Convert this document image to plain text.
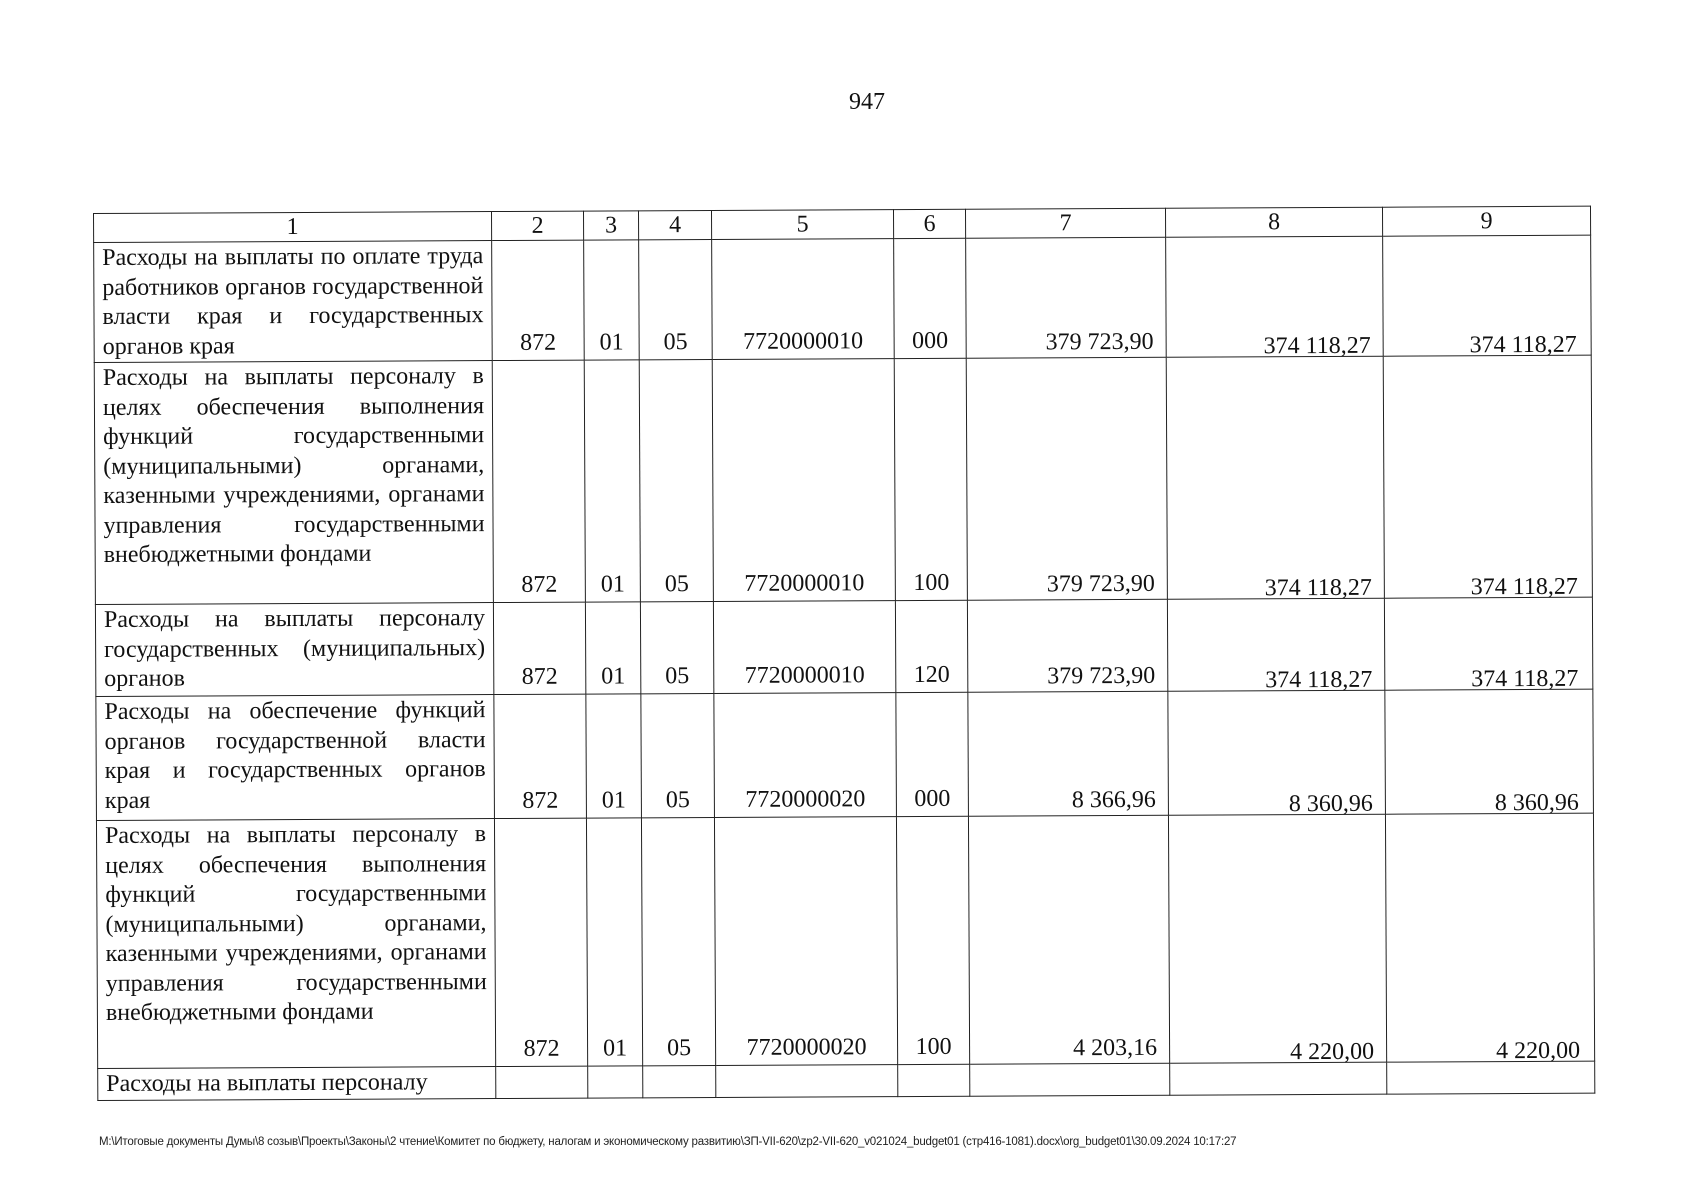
947
1	2	3	4	5	6	7	8	9
Расходы на выплаты по оплате труда работников органов государственной власти края и государственных органов края	872	01	05	7720000010	000	379 723,90	374 118,27	374 118,27
Расходы на выплаты персоналу в целях обеспечения выполнения функций государственными (муниципальными) органами, казенными учреждениями, органами управления государственными внебюджетными фондами	872	01	05	7720000010	100	379 723,90	374 118,27	374 118,27
Расходы на выплаты персоналу государственных (муниципальных) органов	872	01	05	7720000010	120	379 723,90	374 118,27	374 118,27
Расходы на обеспечение функций органов государственной власти края и государственных органов края	872	01	05	7720000020	000	8 366,96	8 360,96	8 360,96
Расходы на выплаты персоналу в целях обеспечения выполнения функций государственными (муниципальными) органами, казенными учреждениями, органами управления государственными внебюджетными фондами	872	01	05	7720000020	100	4 203,16	4 220,00	4 220,00
Расходы на выплаты персоналу								
M:\Итоговые документы Думы\8 созыв\Проекты\Законы\2 чтение\Комитет по бюджету, налогам и экономическому развитию\ЗП-VII-620\zp2-VII-620_v021024_budget01 (стр416-1081).docx\org_budget01\30.09.2024 10:17:27
